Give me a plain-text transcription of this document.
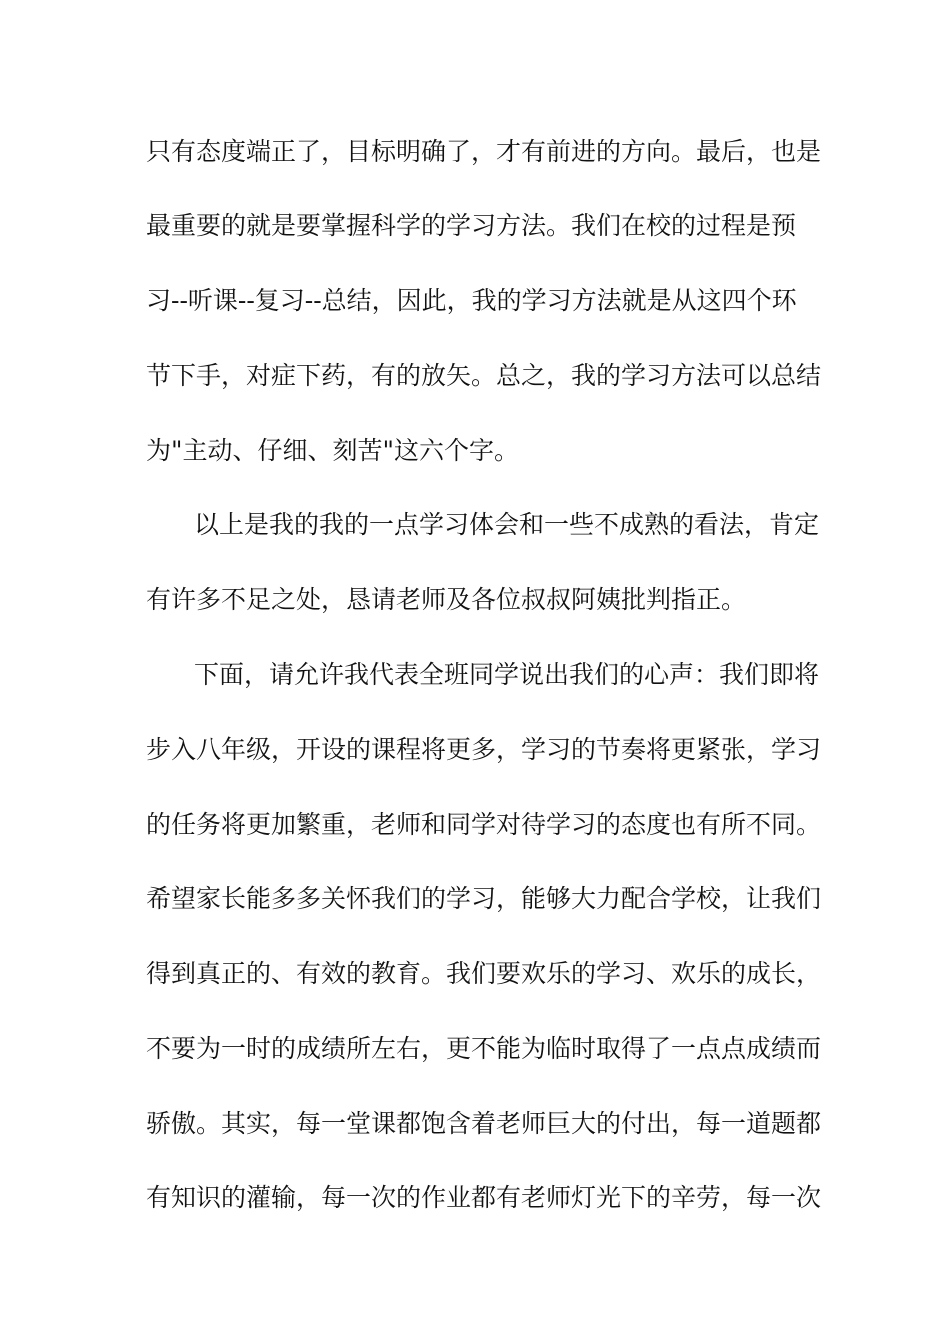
只有态度端正了，目标明确了，才有前进的方向。最后，也是
最重要的就是要掌握科学的学习方法。我们在校的过程是预
习--听课--复习--总结，因此，我的学习方法就是从这四个环
节下手，对症下药，有的放矢。总之，我的学习方法可以总结
为"主动、仔细、刻苦"这六个字。
以上是我的我的一点学习体会和一些不成熟的看法，肯定
有许多不足之处，恳请老师及各位叔叔阿姨批判指正。
下面，请允许我代表全班同学说出我们的心声：我们即将
步入八年级，开设的课程将更多，学习的节奏将更紧张，学习
的任务将更加繁重，老师和同学对待学习的态度也有所不同。
希望家长能多多关怀我们的学习，能够大力配合学校，让我们
得到真正的、有效的教育。我们要欢乐的学习、欢乐的成长，
不要为一时的成绩所左右，更不能为临时取得了一点点成绩而
骄傲。其实，每一堂课都饱含着老师巨大的付出，每一道题都
有知识的灌输，每一次的作业都有老师灯光下的辛劳，每一次
